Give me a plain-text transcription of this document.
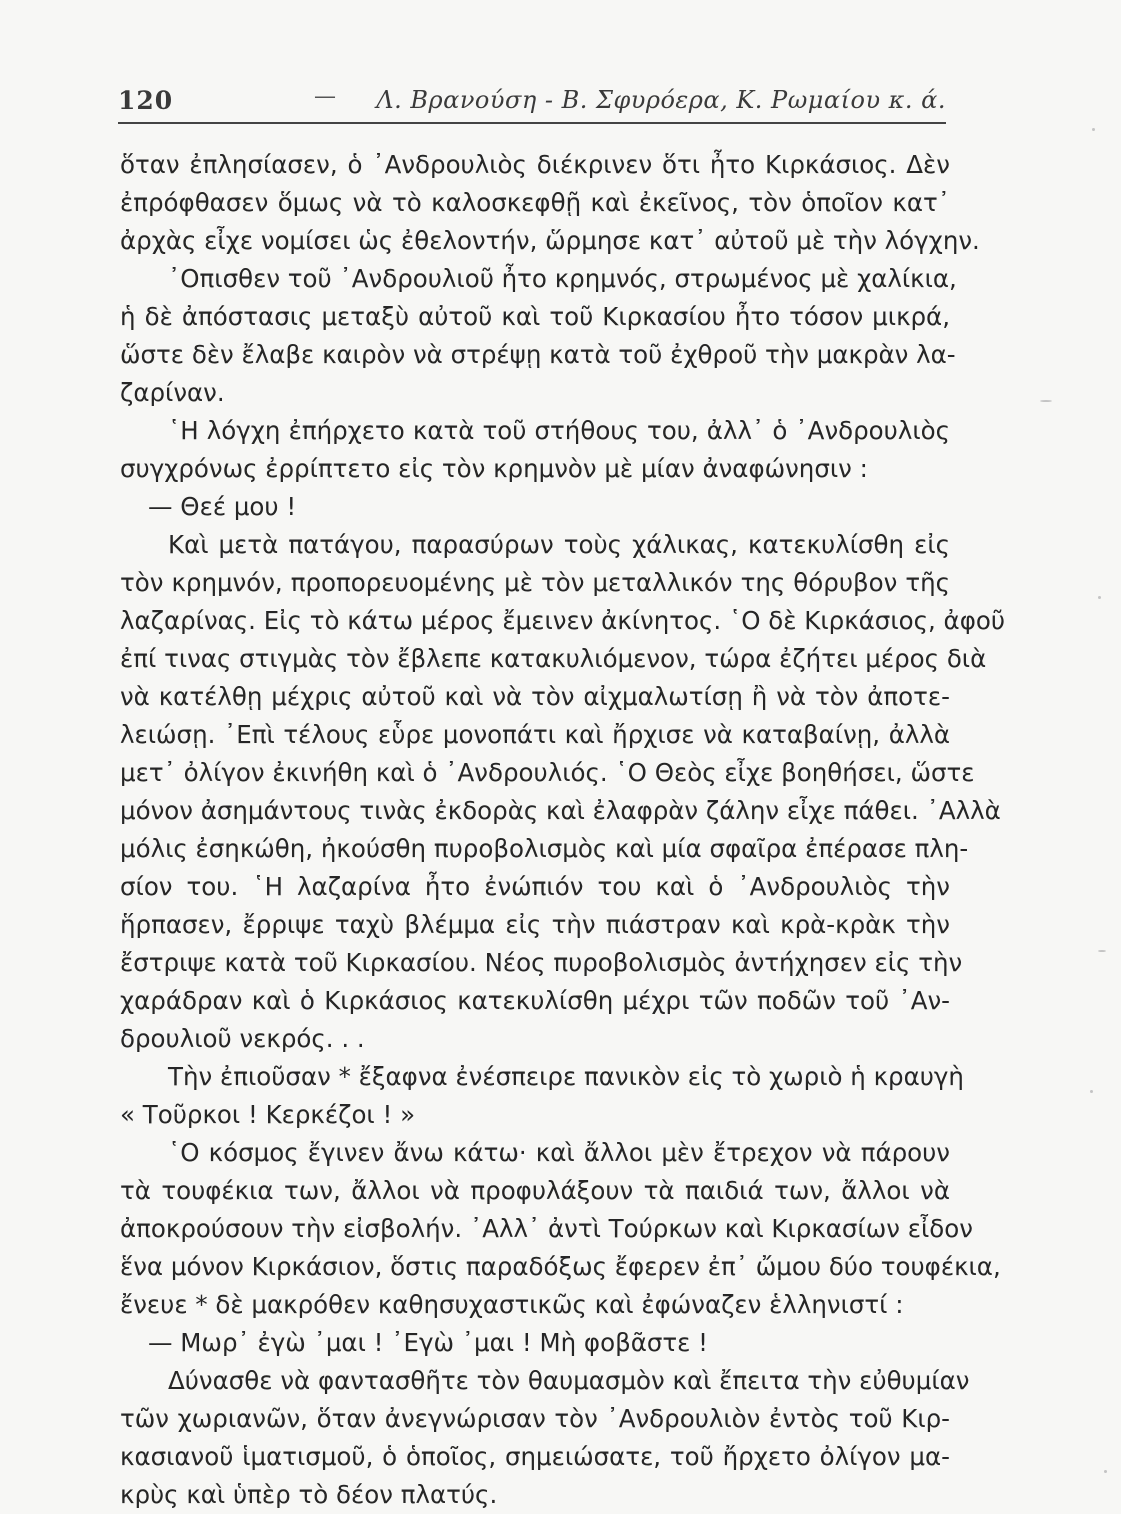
120	— Λ. Βρανούση - Β. Σφυρόερα, Κ. Ρωμαίου κ. ά.
ὅταν ἐπλησίασεν, ὁ ᾽Ανδρουλιὸς διέκρινεν ὅτι ἦτο Κιρκάσιος. Δὲν
ἐπρόφθασεν ὅμως νὰ τὸ καλοσκεφθῇ καὶ ἐκεῖνος, τὸν ὁποῖον κατ᾽
ἀρχὰς εἶχε νομίσει ὡς ἐθελοντήν, ὥρμησε κατ᾽ αὐτοῦ μὲ τὴν λόγχην.
᾽Οπισθεν τοῦ ᾽Ανδρουλιοῦ ἦτο κρημνός, στρωμένος μὲ χαλίκια,
ἡ δὲ ἀπόστασις μεταξὺ αὐτοῦ καὶ τοῦ Κιρκασίου ἦτο τόσον μικρά,
ὥστε δὲν ἔλαβε καιρὸν νὰ στρέψῃ κατὰ τοῦ ἐχθροῦ τὴν μακρὰν λα-
ζαρίναν.
῾Η λόγχη ἐπήρχετο κατὰ τοῦ στήθους του, ἀλλ᾽ ὁ ᾽Ανδρουλιὸς
συγχρόνως ἐρρίπτετο εἰς τὸν κρημνὸν μὲ μίαν ἀναφώνησιν :
— Θεέ μου !
Καὶ μετὰ πατάγου, παρασύρων τοὺς χάλικας, κατεκυλίσθη εἰς
τὸν κρημνόν, προπορευομένης μὲ τὸν μεταλλικόν της θόρυβον τῆς
λαζαρίνας. Εἰς τὸ κάτω μέρος ἔμεινεν ἀκίνητος. ῾Ο δὲ Κιρκάσιος, ἀφοῦ
ἐπί τινας στιγμὰς τὸν ἔβλεπε κατακυλιόμενον, τώρα ἐζήτει μέρος διὰ
νὰ κατέλθῃ μέχρις αὐτοῦ καὶ νὰ τὸν αἰχμαλωτίσῃ ἢ νὰ τὸν ἀποτε-
λειώσῃ. ᾽Επὶ τέλους εὗρε μονοπάτι καὶ ἤρχισε νὰ καταβαίνῃ, ἀλλὰ
μετ᾽ ὀλίγον ἐκινήθη καὶ ὁ ᾽Ανδρουλιός. ῾Ο Θεὸς εἶχε βοηθήσει, ὥστε
μόνον ἀσημάντους τινὰς ἐκδορὰς καὶ ἐλαφρὰν ζάλην εἶχε πάθει. ᾽Αλλὰ
μόλις ἐσηκώθη, ἠκούσθη πυροβολισμὸς καὶ μία σφαῖρα ἐπέρασε πλη-
σίον του. ῾Η λαζαρίνα ἦτο ἐνώπιόν του καὶ ὁ ᾽Ανδρουλιὸς τὴν
ἥρπασεν, ἔρριψε ταχὺ βλέμμα εἰς τὴν πιάστραν καὶ κρὰ-κρὰκ τὴν
ἔστριψε κατὰ τοῦ Κιρκασίου. Νέος πυροβολισμὸς ἀντήχησεν εἰς τὴν
χαράδραν καὶ ὁ Κιρκάσιος κατεκυλίσθη μέχρι τῶν ποδῶν τοῦ ᾽Αν-
δρουλιοῦ νεκρός. . .
Τὴν ἐπιοῦσαν * ἔξαφνα ἐνέσπειρε πανικὸν εἰς τὸ χωριὸ ἡ κραυγὴ
« Τοῦρκοι ! Κερκέζοι ! »
῾Ο κόσμος ἔγινεν ἄνω κάτω· καὶ ἄλλοι μὲν ἔτρεχον νὰ πάρουν
τὰ τουφέκια των, ἄλλοι νὰ προφυλάξουν τὰ παιδιά των, ἄλλοι νὰ
ἀποκρούσουν τὴν εἰσβολήν. ᾽Αλλ᾽ ἀντὶ Τούρκων καὶ Κιρκασίων εἶδον
ἕνα μόνον Κιρκάσιον, ὅστις παραδόξως ἔφερεν ἐπ᾽ ὤμου δύο τουφέκια,
ἔνευε * δὲ μακρόθεν καθησυχαστικῶς καὶ ἐφώναζεν ἑλληνιστί :
— Μωρ᾽ ἐγὼ ᾽μαι ! ᾽Εγὼ ᾽μαι ! Μὴ φοβᾶστε !
Δύνασθε νὰ φαντασθῆτε τὸν θαυμασμὸν καὶ ἔπειτα τὴν εὐθυμίαν
τῶν χωριανῶν, ὅταν ἀνεγνώρισαν τὸν ᾽Ανδρουλιὸν ἐντὸς τοῦ Κιρ-
κασιανοῦ ἱματισμοῦ, ὁ ὁποῖος, σημειώσατε, τοῦ ἤρχετο ὀλίγον μα-
κρὺς καὶ ὑπὲρ τὸ δέον πλατύς.
